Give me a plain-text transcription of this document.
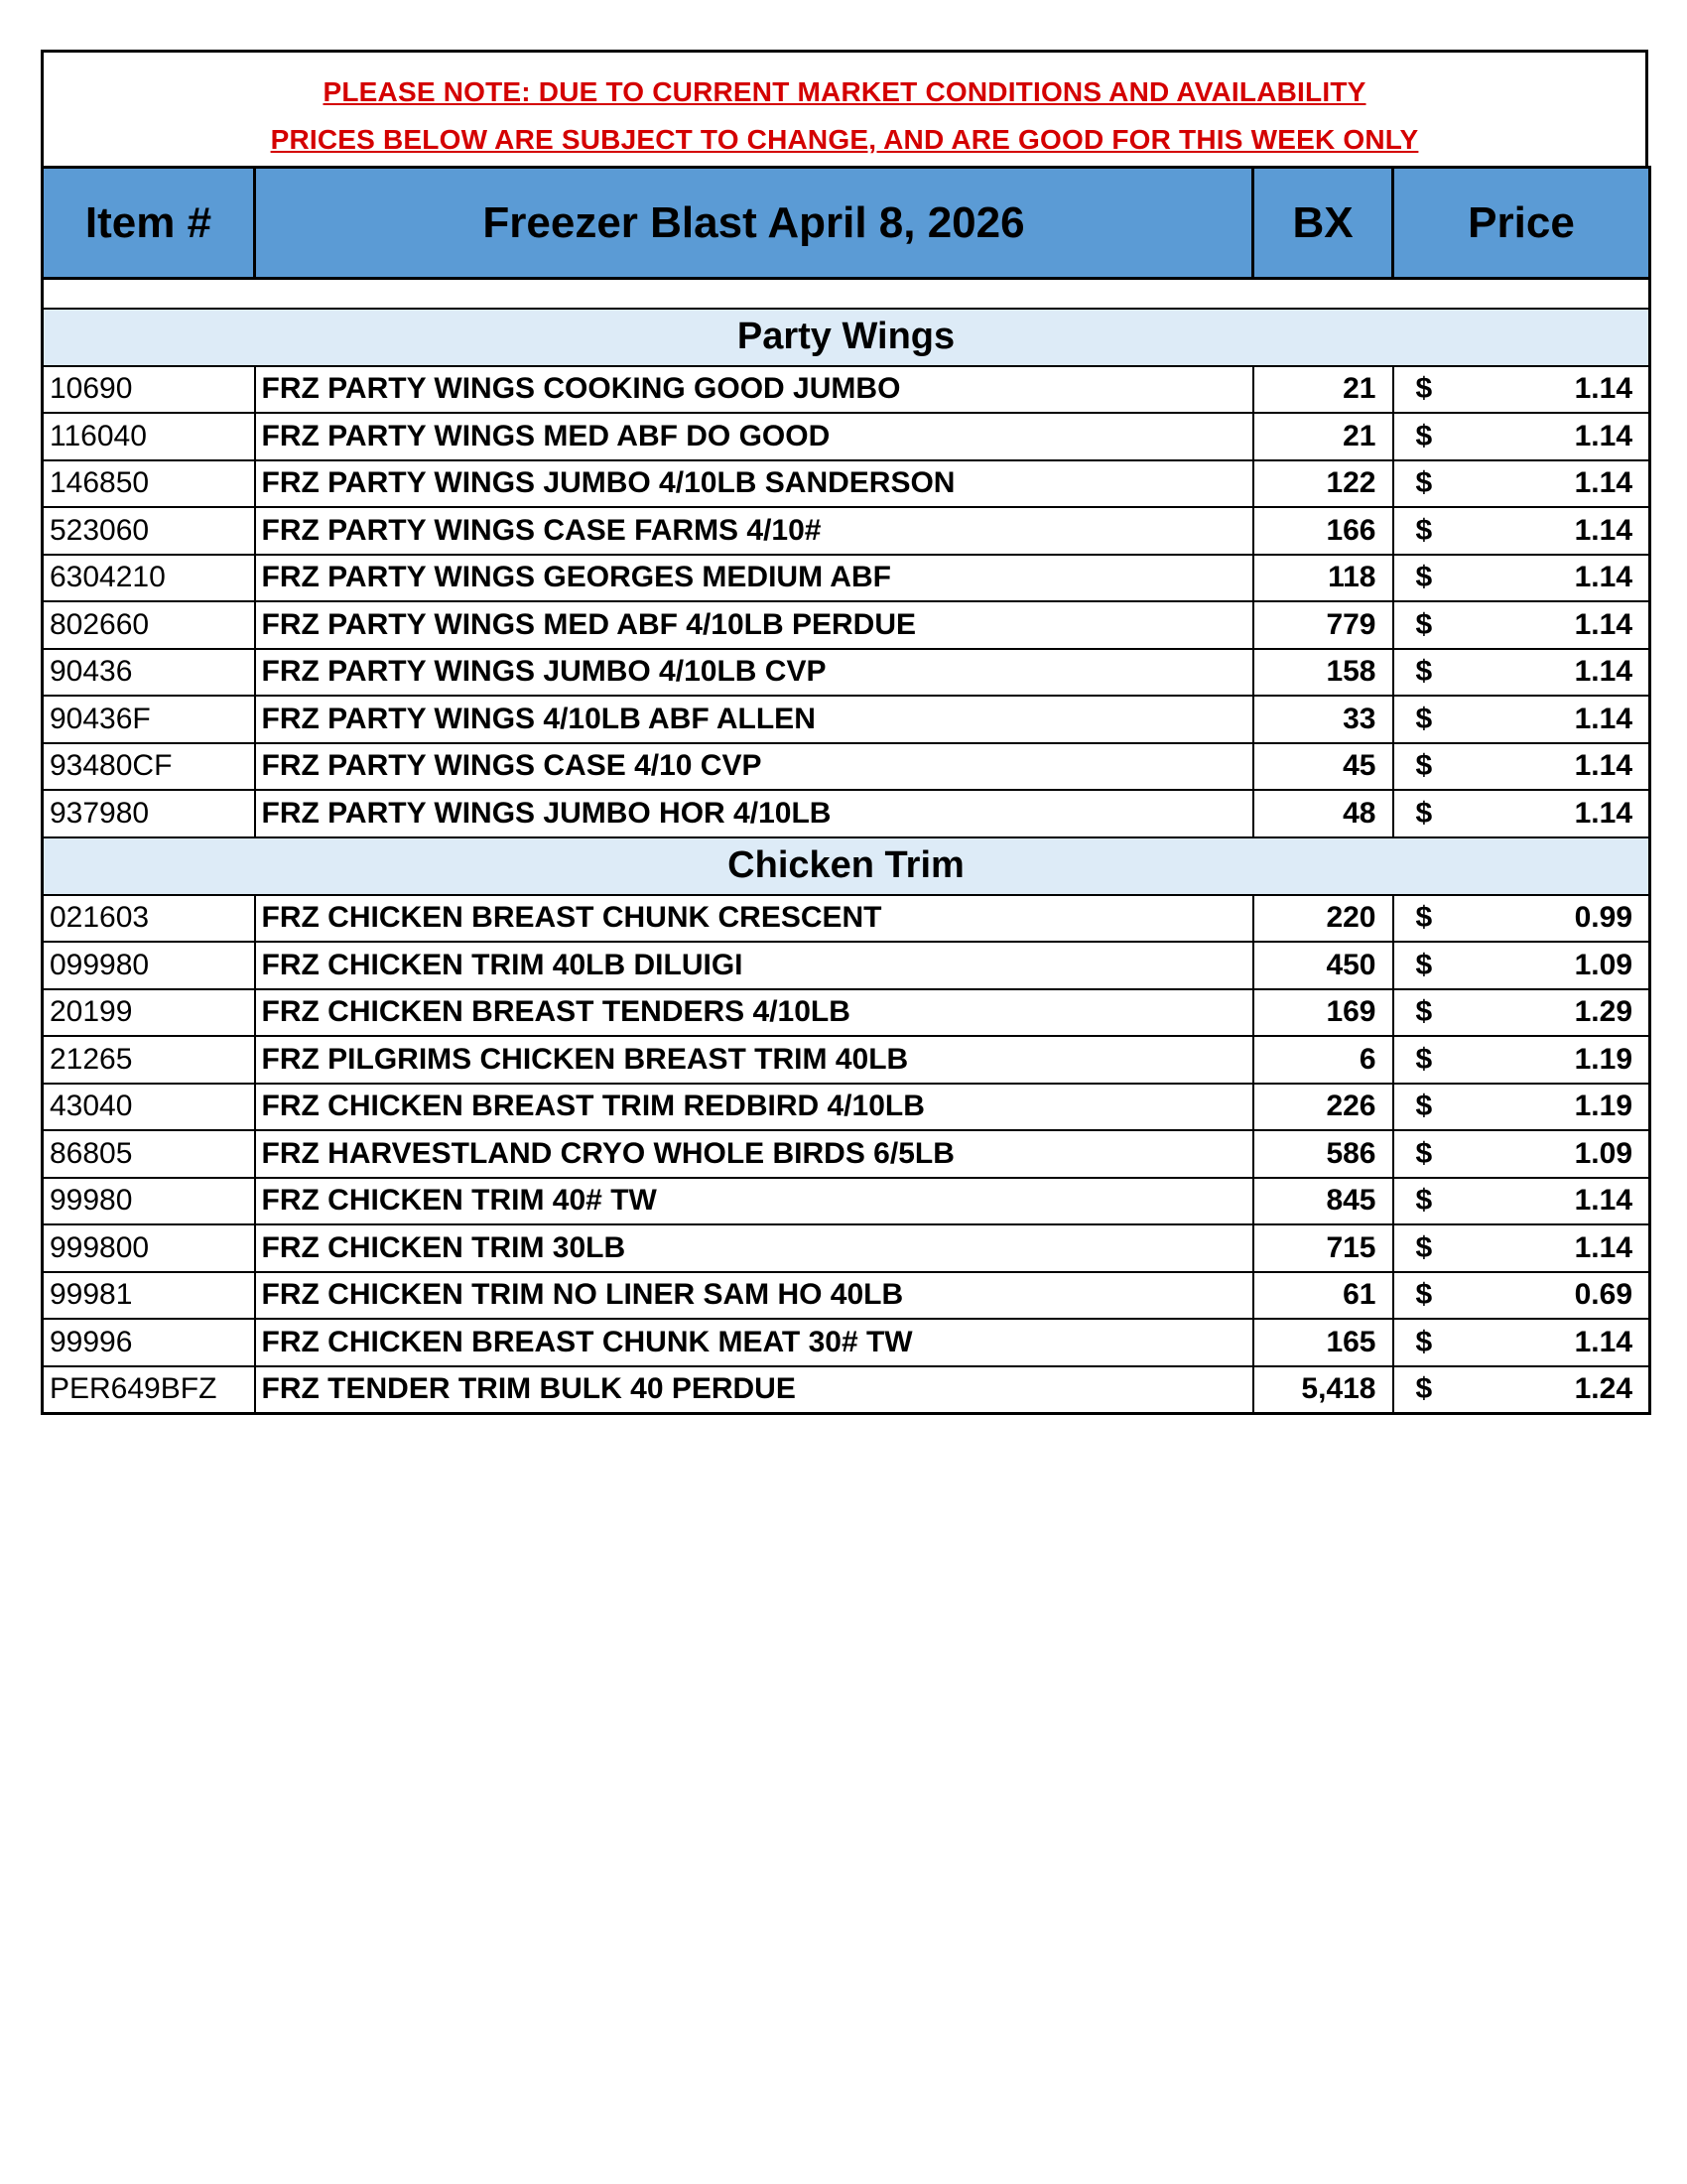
PLEASE NOTE: DUE TO CURRENT MARKET CONDITIONS AND AVAILABILITY
PRICES BELOW ARE SUBJECT TO CHANGE, AND ARE GOOD FOR THIS WEEK ONLY
Item #	Freezer Blast April 8, 2026	BX	Price

Party Wings			
10690	FRZ PARTY WINGS COOKING GOOD JUMBO	21	$ 1.14

116040	FRZ PARTY WINGS MED ABF DO GOOD	21	$ 1.14

146850	FRZ PARTY WINGS JUMBO 4/10LB SANDERSON	122	$ 1.14

523060	FRZ PARTY WINGS CASE FARMS 4/10#	166	$ 1.14

6304210	FRZ PARTY WINGS GEORGES MEDIUM ABF	118	$ 1.14

802660	FRZ PARTY WINGS MED ABF 4/10LB PERDUE	779	$ 1.14

90436	FRZ PARTY WINGS JUMBO 4/10LB CVP	158	$ 1.14

90436F	FRZ PARTY WINGS 4/10LB ABF ALLEN	33	$ 1.14

93480CF	FRZ PARTY WINGS CASE 4/10 CVP	45	$ 1.14

937980	FRZ PARTY WINGS JUMBO HOR 4/10LB	48	$ 1.14

Chicken Trim			
021603	FRZ CHICKEN BREAST CHUNK CRESCENT	220	$ 0.99

099980	FRZ CHICKEN TRIM 40LB DILUIGI	450	$ 1.09

20199	FRZ CHICKEN BREAST TENDERS 4/10LB	169	$ 1.29

21265	FRZ PILGRIMS CHICKEN BREAST TRIM 40LB	6	$ 1.19

43040	FRZ CHICKEN BREAST TRIM REDBIRD 4/10LB	226	$ 1.19

86805	FRZ HARVESTLAND CRYO WHOLE BIRDS 6/5LB	586	$ 1.09

99980	FRZ CHICKEN TRIM 40# TW	845	$ 1.14

999800	FRZ CHICKEN TRIM 30LB	715	$ 1.14

99981	FRZ CHICKEN TRIM NO LINER SAM HO 40LB	61	$ 0.69

99996	FRZ CHICKEN BREAST CHUNK MEAT 30# TW	165	$ 1.14

PER649BFZ	FRZ TENDER TRIM BULK 40 PERDUE	5,418	$ 1.24
